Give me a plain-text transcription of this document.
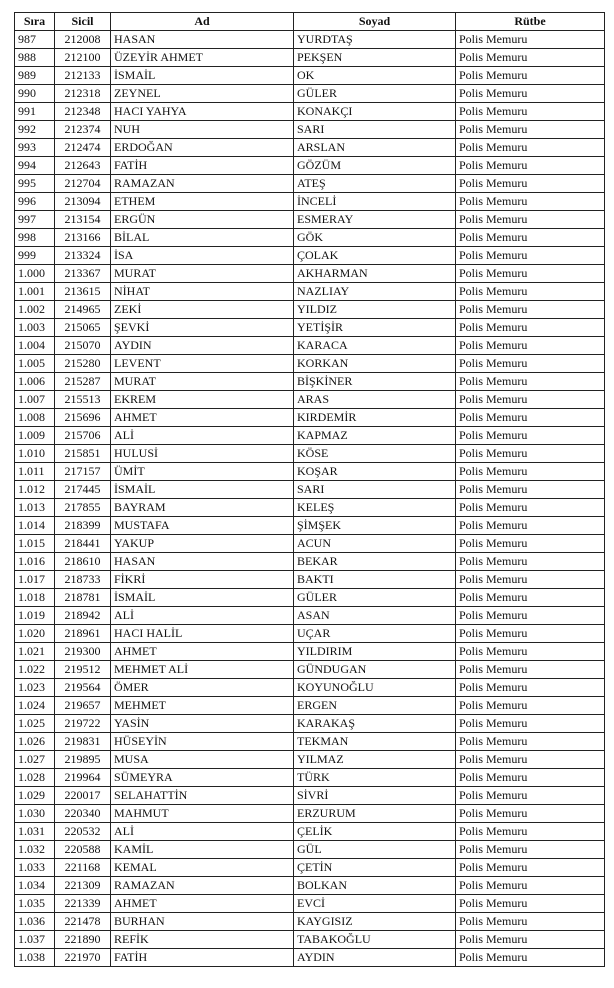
Sıra	Sicil	Ad	Soyad	Rütbe
987	212008	HASAN	YURDTAŞ	Polis Memuru
988	212100	ÜZEYİR AHMET	PEKŞEN	Polis Memuru
989	212133	İSMAİL	OK	Polis Memuru
990	212318	ZEYNEL	GÜLER	Polis Memuru
991	212348	HACI YAHYA	KONAKÇI	Polis Memuru
992	212374	NUH	SARI	Polis Memuru
993	212474	ERDOĞAN	ARSLAN	Polis Memuru
994	212643	FATİH	GÖZÜM	Polis Memuru
995	212704	RAMAZAN	ATEŞ	Polis Memuru
996	213094	ETHEM	İNCELİ	Polis Memuru
997	213154	ERGÜN	ESMERAY	Polis Memuru
998	213166	BİLAL	GÖK	Polis Memuru
999	213324	İSA	ÇOLAK	Polis Memuru
1.000	213367	MURAT	AKHARMAN	Polis Memuru
1.001	213615	NİHAT	NAZLIAY	Polis Memuru
1.002	214965	ZEKİ	YILDIZ	Polis Memuru
1.003	215065	ŞEVKİ	YETİŞİR	Polis Memuru
1.004	215070	AYDIN	KARACA	Polis Memuru
1.005	215280	LEVENT	KORKAN	Polis Memuru
1.006	215287	MURAT	BİŞKİNER	Polis Memuru
1.007	215513	EKREM	ARAS	Polis Memuru
1.008	215696	AHMET	KIRDEMİR	Polis Memuru
1.009	215706	ALİ	KAPMAZ	Polis Memuru
1.010	215851	HULUSİ	KÖSE	Polis Memuru
1.011	217157	ÜMİT	KOŞAR	Polis Memuru
1.012	217445	İSMAİL	SARI	Polis Memuru
1.013	217855	BAYRAM	KELEŞ	Polis Memuru
1.014	218399	MUSTAFA	ŞİMŞEK	Polis Memuru
1.015	218441	YAKUP	ACUN	Polis Memuru
1.016	218610	HASAN	BEKAR	Polis Memuru
1.017	218733	FİKRİ	BAKTI	Polis Memuru
1.018	218781	İSMAİL	GÜLER	Polis Memuru
1.019	218942	ALİ	ASAN	Polis Memuru
1.020	218961	HACI HALİL	UÇAR	Polis Memuru
1.021	219300	AHMET	YILDIRIM	Polis Memuru
1.022	219512	MEHMET ALİ	GÜNDUGAN	Polis Memuru
1.023	219564	ÖMER	KOYUNOĞLU	Polis Memuru
1.024	219657	MEHMET	ERGEN	Polis Memuru
1.025	219722	YASİN	KARAKAŞ	Polis Memuru
1.026	219831	HÜSEYİN	TEKMAN	Polis Memuru
1.027	219895	MUSA	YILMAZ	Polis Memuru
1.028	219964	SÜMEYRA	TÜRK	Polis Memuru
1.029	220017	SELAHATTİN	SİVRİ	Polis Memuru
1.030	220340	MAHMUT	ERZURUM	Polis Memuru
1.031	220532	ALİ	ÇELİK	Polis Memuru
1.032	220588	KAMİL	GÜL	Polis Memuru
1.033	221168	KEMAL	ÇETİN	Polis Memuru
1.034	221309	RAMAZAN	BOLKAN	Polis Memuru
1.035	221339	AHMET	EVCİ	Polis Memuru
1.036	221478	BURHAN	KAYGISIZ	Polis Memuru
1.037	221890	REFİK	TABAKOĞLU	Polis Memuru
1.038	221970	FATİH	AYDIN	Polis Memuru
